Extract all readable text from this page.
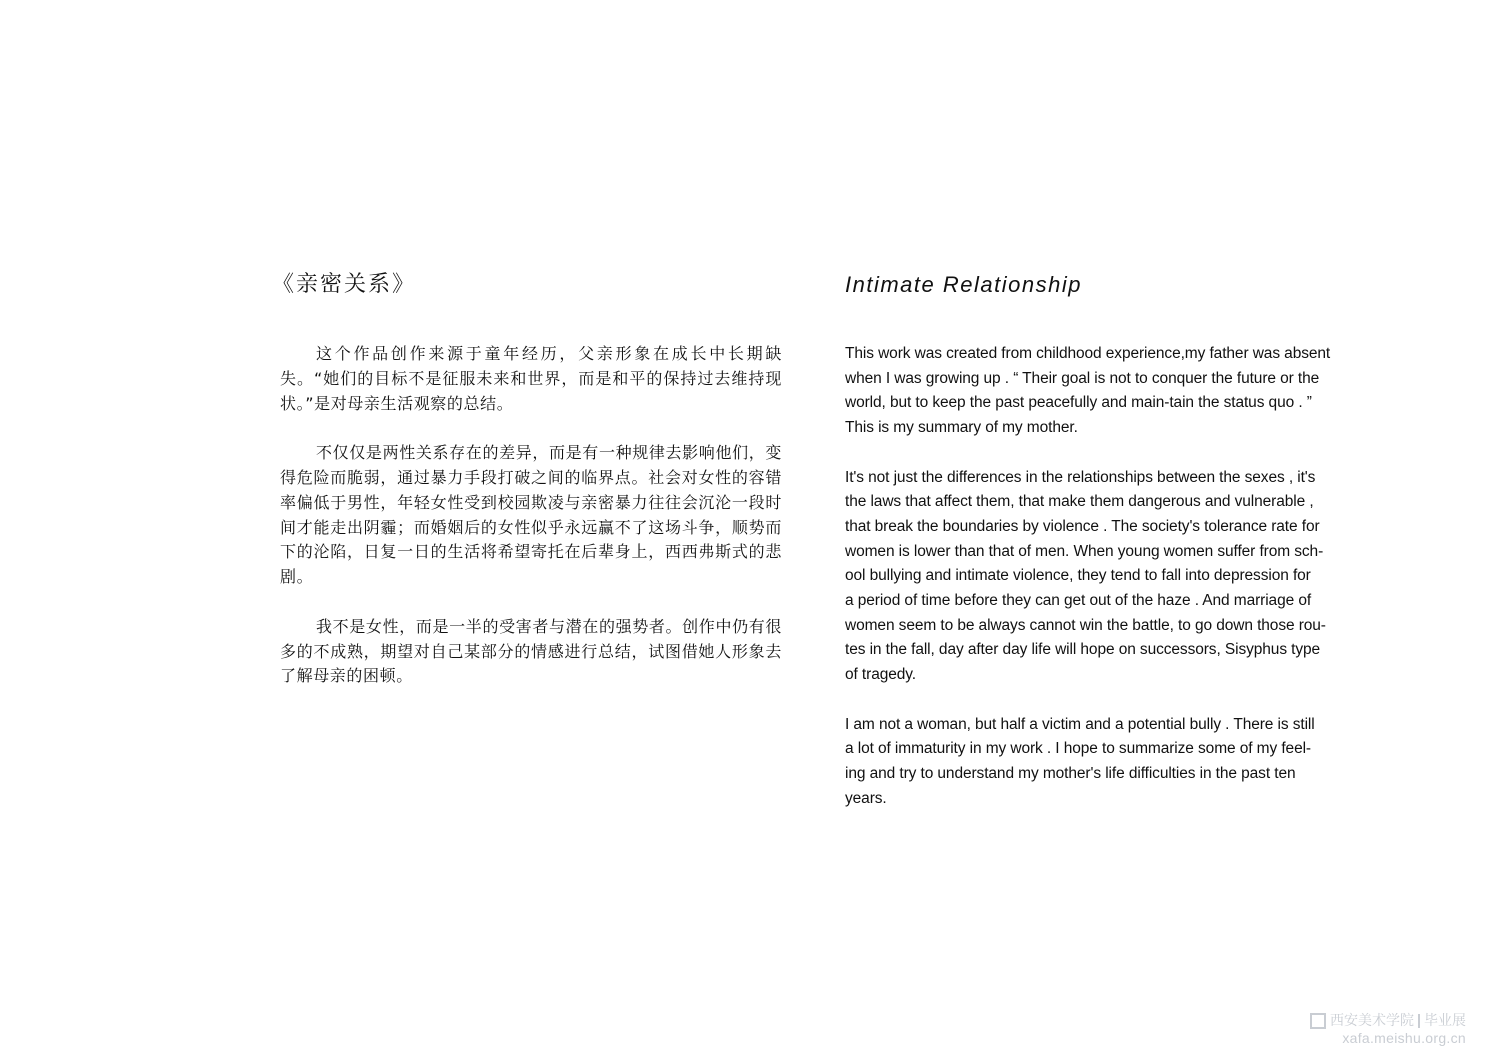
《亲密关系》

这个作品创作来源于童年经历，父亲形象在成长中长期缺失。“她们的目标不是征服未来和世界，而是和平的保持过去维持现状。”是对母亲生活观察的总结。

不仅仅是两性关系存在的差异，而是有一种规律去影响他们，变得危险而脆弱，通过暴力手段打破之间的临界点。社会对女性的容错率偏低于男性，年轻女性受到校园欺凌与亲密暴力往往会沉沦一段时间才能走出阴霾；而婚姻后的女性似乎永远赢不了这场斗争，顺势而下的沦陷，日复一日的生活将希望寄托在后辈身上，西西弗斯式的悲剧。

我不是女性，而是一半的受害者与潜在的强势者。创作中仍有很多的不成熟，期望对自己某部分的情感进行总结，试图借她人形象去了解母亲的困顿。

Intimate Relationship

This work was created from childhood experience,my father was absent
when I was growing up . “ Their goal is not to conquer the future or the
world, but to keep the past peacefully and main-tain the status quo . ”
This is my summary of my mother.

It's not just the differences in the relationships between the sexes , it's
the laws that affect them, that make them dangerous and vulnerable ,
that break the boundaries by violence . The society's tolerance rate for
women is lower than that of men. When young women suffer from sch-
ool bullying and intimate violence, they tend to fall into depression for
a period of time before they can get out of the haze . And marriage of
women seem to be always cannot win the battle, to go down those rou-
tes in the fall, day after day life will hope on successors, Sisyphus type
of tragedy.

I am not a woman, but half a victim and a potential bully . There is still
a lot of immaturity in my work . I hope to summarize some of my feel-
ing and try to understand my mother's life difficulties in the past ten
years.

西安美术学院 毕业展
xafa.meishu.org.cn
